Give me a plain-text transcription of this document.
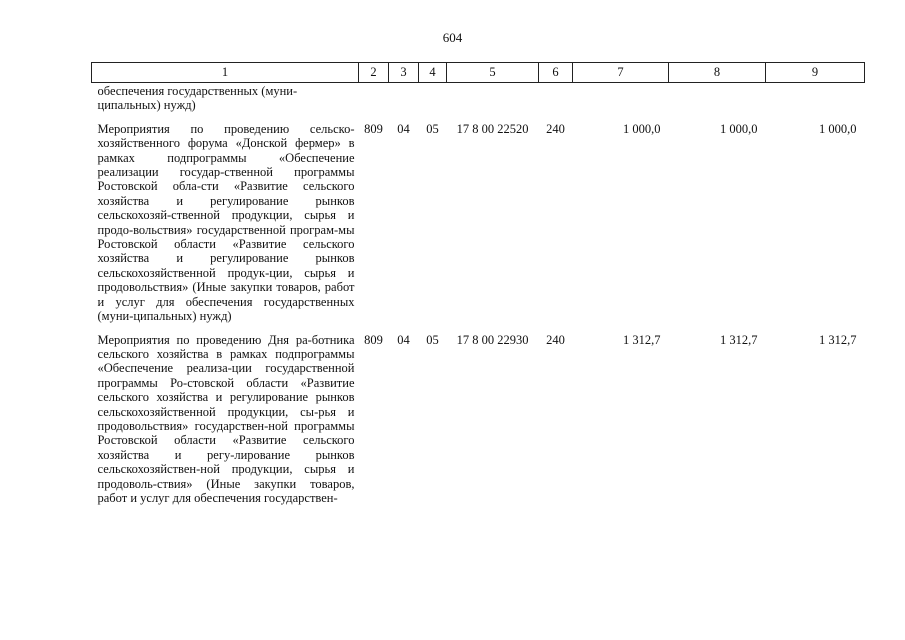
604
1	2	3	4	5	6	7	8	9
обеспечения государственных (муни-
ципальных) нужд)								
Мероприятия по проведению сельско-хозяйственного форума «Донской фермер» в рамках подпрограммы «Обеспечение реализации государ-ственной программы Ростовской обла-сти «Развитие сельского хозяйства и регулирование рынков сельскохозяй-ственной продукции, сырья и продо-вольствия» государственной програм-мы Ростовской области «Развитие сельского хозяйства и регулирование рынков сельскохозяйственной продук-ции, сырья и продовольствия» (Иные закупки товаров, работ и услуг для обеспечения государственных (муни-ципальных) нужд)	809	04	05	17 8 00 22520	240	1 000,0	1 000,0	1 000,0
Мероприятия по проведению Дня ра-ботника сельского хозяйства в рамках подпрограммы «Обеспечение реализа-ции государственной программы Ро-стовской области «Развитие сельского хозяйства и регулирование рынков сельскохозяйственной продукции, сы-рья и продовольствия» государствен-ной программы Ростовской области «Развитие сельского хозяйства и регу-лирование рынков сельскохозяйствен-ной продукции, сырья и продоволь-ствия» (Иные закупки товаров, работ и услуг для обеспечения государствен-	809	04	05	17 8 00 22930	240	1 312,7	1 312,7	1 312,7
